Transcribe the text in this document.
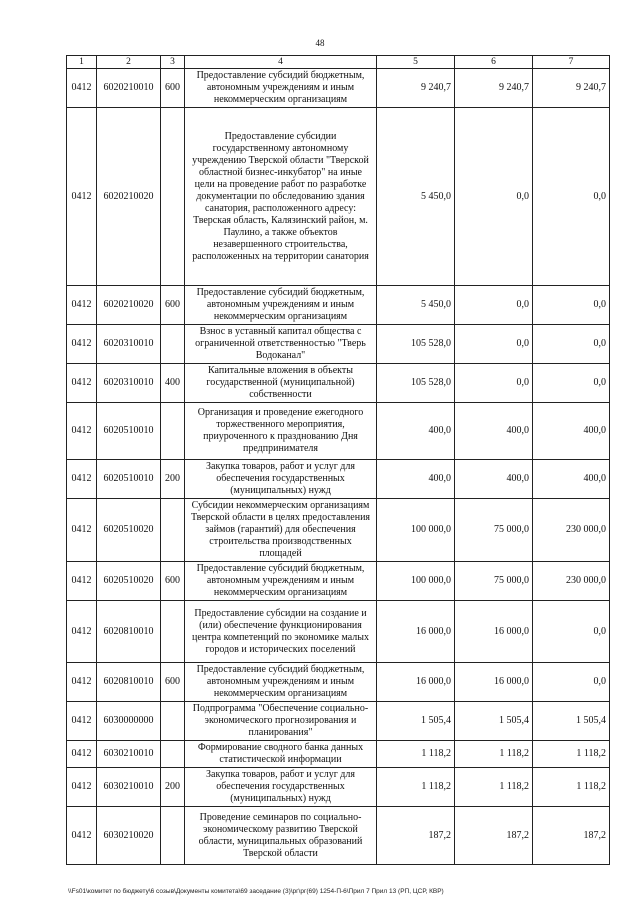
48
1	2	3	4	5	6	7
0412	6020210010	600	Предоставление субсидий бюджетным, автономным учреждениям и иным некоммерческим организациям	9 240,7	9 240,7	9 240,7
0412	6020210020		Предоставление субсидии государственному автономному учреждению Тверской области "Тверской областной бизнес-инкубатор" на иные цели на проведение работ по разработке документации по обследованию здания санатория, расположенного адресу: Тверская область, Калязинский район, м. Паулино, а также объектов незавершенного строительства, расположенных на территории санатория	5 450,0	0,0	0,0
0412	6020210020	600	Предоставление субсидий бюджетным, автономным учреждениям и иным некоммерческим организациям	5 450,0	0,0	0,0
0412	6020310010		Взнос в уставный капитал общества с ограниченной ответственностью "Тверь Водоканал"	105 528,0	0,0	0,0
0412	6020310010	400	Капитальные вложения в объекты государственной (муниципальной) собственности	105 528,0	0,0	0,0
0412	6020510010		Организация и проведение ежегодного торжественного мероприятия, приуроченного к празднованию Дня предпринимателя	400,0	400,0	400,0
0412	6020510010	200	Закупка товаров, работ и услуг для обеспечения государственных (муниципальных) нужд	400,0	400,0	400,0
0412	6020510020		Субсидии некоммерческим организациям Тверской области в целях предоставления займов (гарантий) для обеспечения строительства производственных площадей	100 000,0	75 000,0	230 000,0
0412	6020510020	600	Предоставление субсидий бюджетным, автономным учреждениям и иным некоммерческим организациям	100 000,0	75 000,0	230 000,0
0412	6020810010		Предоставление субсидии на создание и (или) обеспечение функционирования центра компетенций по экономике малых городов и исторических поселений	16 000,0	16 000,0	0,0
0412	6020810010	600	Предоставление субсидий бюджетным, автономным учреждениям и иным некоммерческим организациям	16 000,0	16 000,0	0,0
0412	6030000000		Подпрограмма "Обеспечение социально-экономического прогнозирования и планирования"	1 505,4	1 505,4	1 505,4
0412	6030210010		Формирование сводного банка данных статистической информации	1 118,2	1 118,2	1 118,2
0412	6030210010	200	Закупка товаров, работ и услуг для обеспечения государственных (муниципальных) нужд	1 118,2	1 118,2	1 118,2
0412	6030210020		Проведение семинаров по социально-экономическому развитию Тверской области, муниципальных образований Тверской области	187,2	187,2	187,2
\\Fs01\комитет по бюджету\6 созыв\Документы комитета\69 заседание (3)\рг\рг(69) 1254-П-6\Прил 7 Прил 13 (РП, ЦСР, КВР)
